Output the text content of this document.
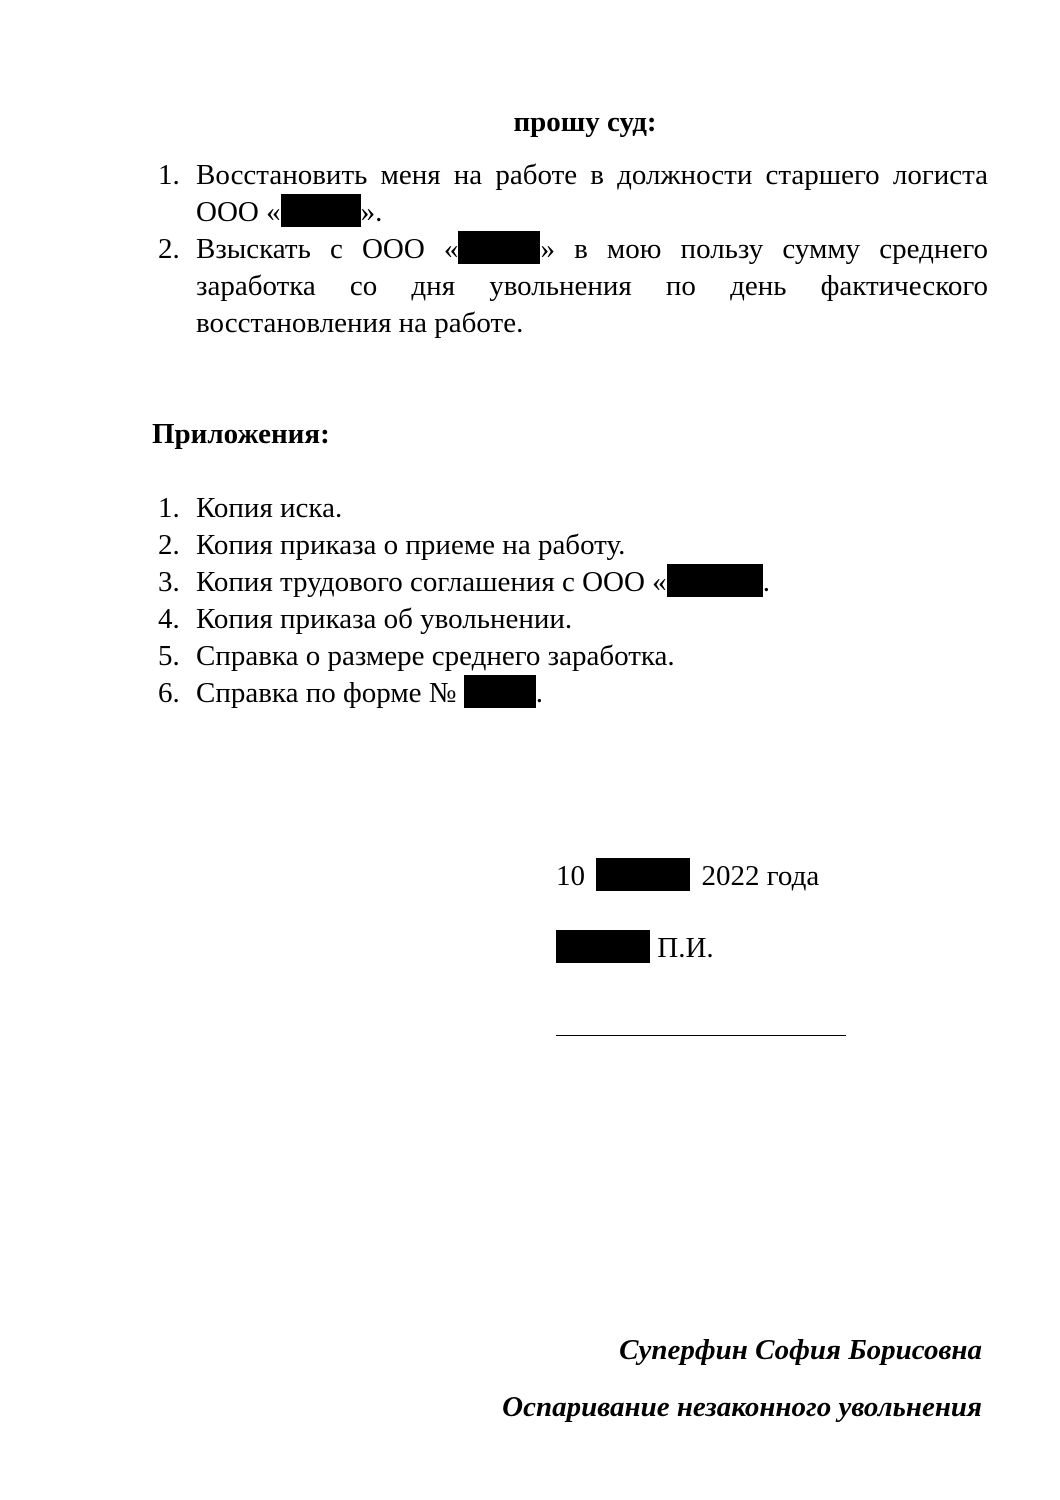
прошу суд:
1. Восстановить меня на работе в должности старшего логиста ООО «	».
2. Взыскать с ООО «	» в мою пользу сумму среднего заработка со дня увольнения по день фактического восстановления на работе.
Приложения:
1. Копия иска.
2. Копия приказа о приеме на работу.
3. Копия трудового соглашения с ООО «	.
4. Копия приказа об увольнении.
5. Справка о размере среднего заработка.
6. Справка по форме № .
10	2022 года
П.И.
Суперфин София Борисовна
Оспаривание незаконного увольнения
